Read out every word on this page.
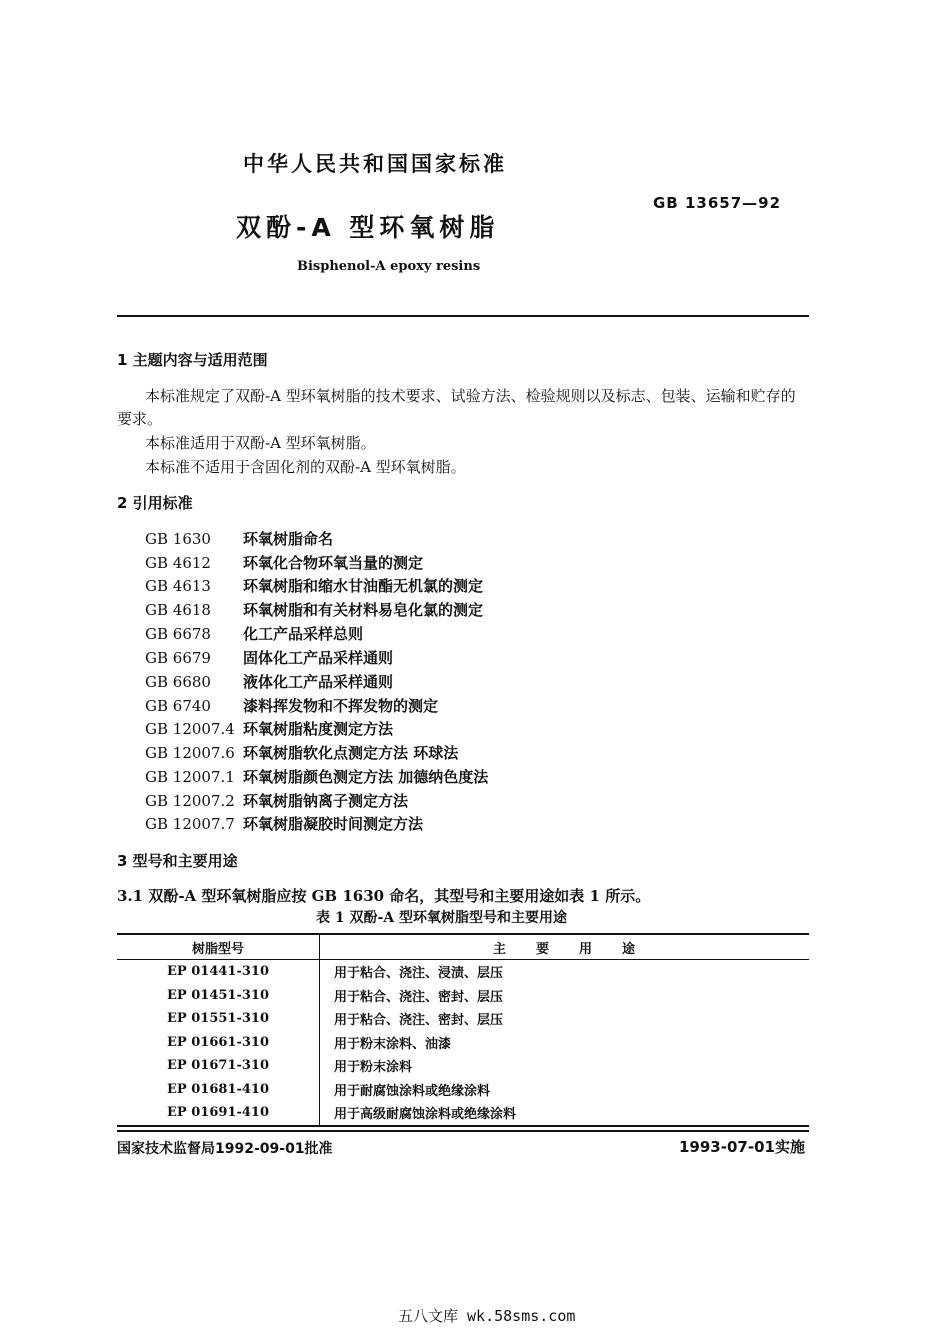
中华人民共和国国家标准
GB 13657—92
双酚-A 型环氧树脂
Bisphenol-A epoxy resins
1 主题内容与适用范围
本标准规定了双酚-A 型环氧树脂的技术要求、试验方法、检验规则以及标志、包装、运输和贮存的
要求。
本标准适用于双酚-A 型环氧树脂。
本标准不适用于含固化剂的双酚-A 型环氧树脂。
2 引用标准
GB 1630 环氧树脂命名
GB 4612 环氧化合物环氧当量的测定
GB 4613 环氧树脂和缩水甘油酯无机氯的测定
GB 4618 环氧树脂和有关材料易皂化氯的测定
GB 6678 化工产品采样总则
GB 6679 固体化工产品采样通则
GB 6680 液体化工产品采样通则
GB 6740 漆料挥发物和不挥发物的测定
GB 12007.4 环氧树脂粘度测定方法
GB 12007.6 环氧树脂软化点测定方法 环球法
GB 12007.1 环氧树脂颜色测定方法 加德纳色度法
GB 12007.2 环氧树脂钠离子测定方法
GB 12007.7 环氧树脂凝胶时间测定方法
3 型号和主要用途
3.1 双酚-A 型环氧树脂应按 GB 1630 命名，其型号和主要用途如表 1 所示。
表 1 双酚-A 型环氧树脂型号和主要用途
树脂型号	主要用途
EP 01441-310	用于粘合、浇注、浸渍、层压
EP 01451-310	用于粘合、浇注、密封、层压
EP 01551-310	用于粘合、浇注、密封、层压
EP 01661-310	用于粉末涂料、油漆
EP 01671-310	用于粉末涂料
EP 01681-410	用于耐腐蚀涂料或绝缘涂料
EP 01691-410	用于高级耐腐蚀涂料或绝缘涂料
国家技术监督局1992-09-01批准	1993-07-01实施
五八文库 wk.58sms.com
